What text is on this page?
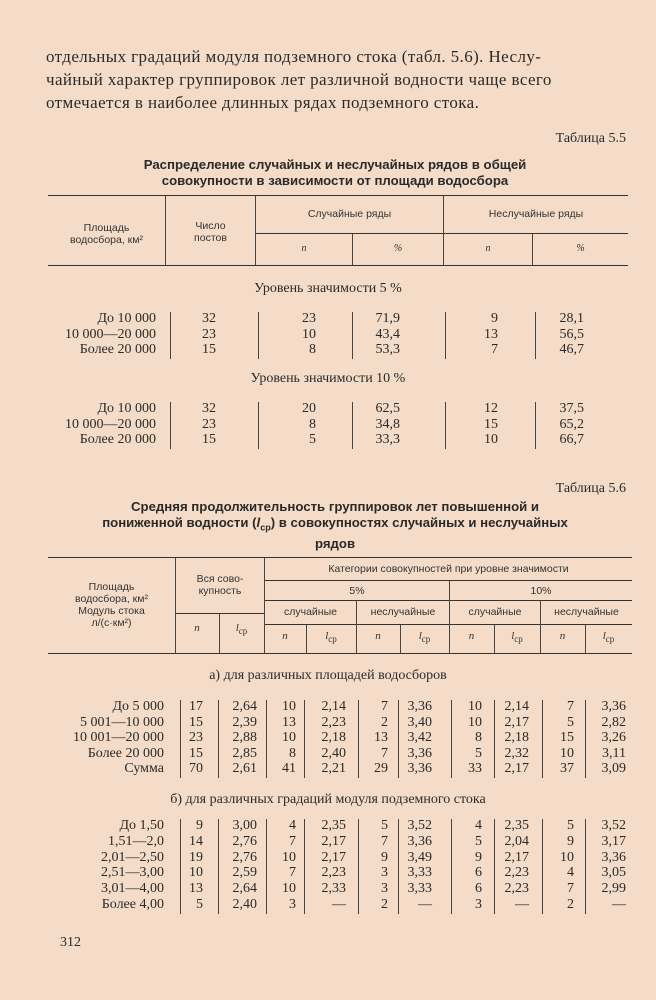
отдельных градаций модуля подземного стока (табл. 5.6). Неслу-
чайный характер группировок лет различной водности чаще всего
отмечается в наиболее длинных рядах подземного стока.
Таблица 5.5
Распределение случайных и неслучайных рядов в общей
совокупности в зависимости от площади водосбора
Площадь
водосбора, км²
Число
постов
Случайные ряды	Неслучайные ряды
n	%	n	%
Уровень значимости 5 %
Уровень значимости 10 %
До 10 000	32	23	71,9	9	28,1
10 000—20 000	23	10	43,4	13	56,5
Более 20 000	15	8	53,3	7	46,7
До 10 000	32	20	62,5	12	37,5
10 000—20 000	23	8	34,8	15	65,2
Более 20 000	15	5	33,3	10	66,7
Таблица 5.6
Средняя продолжительность группировок лет повышенной и
пониженной водности $(l_{ср})$ в совокупностях случайных и неслучайных
рядов
Площадь
водосбора, км²
Модуль стока
л/(с·км²)
Вся сово-
купность
Категории совокупностей при уровне значимости
5%	10%
случайные	неслучайные	случайные	неслучайные
n	$l_{ср}$	n	$l_{ср}$	n	$l_{ср}$	n	$l_{ср}$	n	$l_{ср}$
а) для различных площадей водосборов
б) для различных градаций модуля подземного стока
До 5 000	17	2,64	10	2,14	7	3,36	10	2,14	7	3,36
5 001—10 000	15	2,39	13	2,23	2	3,40	10	2,17	5	2,82
10 001—20 000	23	2,88	10	2,18	13	3,42	8	2,18	15	3,26
Более 20 000	15	2,85	8	2,40	7	3,36	5	2,32	10	3,11
Сумма	70	2,61	41	2,21	29	3,36	33	2,17	37	3,09
До 1,50	9	3,00	4	2,35	5	3,52	4	2,35	5	3,52
1,51—2,0	14	2,76	7	2,17	7	3,36	5	2,04	9	3,17
2,01—2,50	19	2,76	10	2,17	9	3,49	9	2,17	10	3,36
2,51—3,00	10	2,59	7	2,23	3	3,33	6	2,23	4	3,05
3,01—4,00	13	2,64	10	2,33	3	3,33	6	2,23	7	2,99
Более 4,00	5	2,40	3	—	2	—	3	—	2	—
312
